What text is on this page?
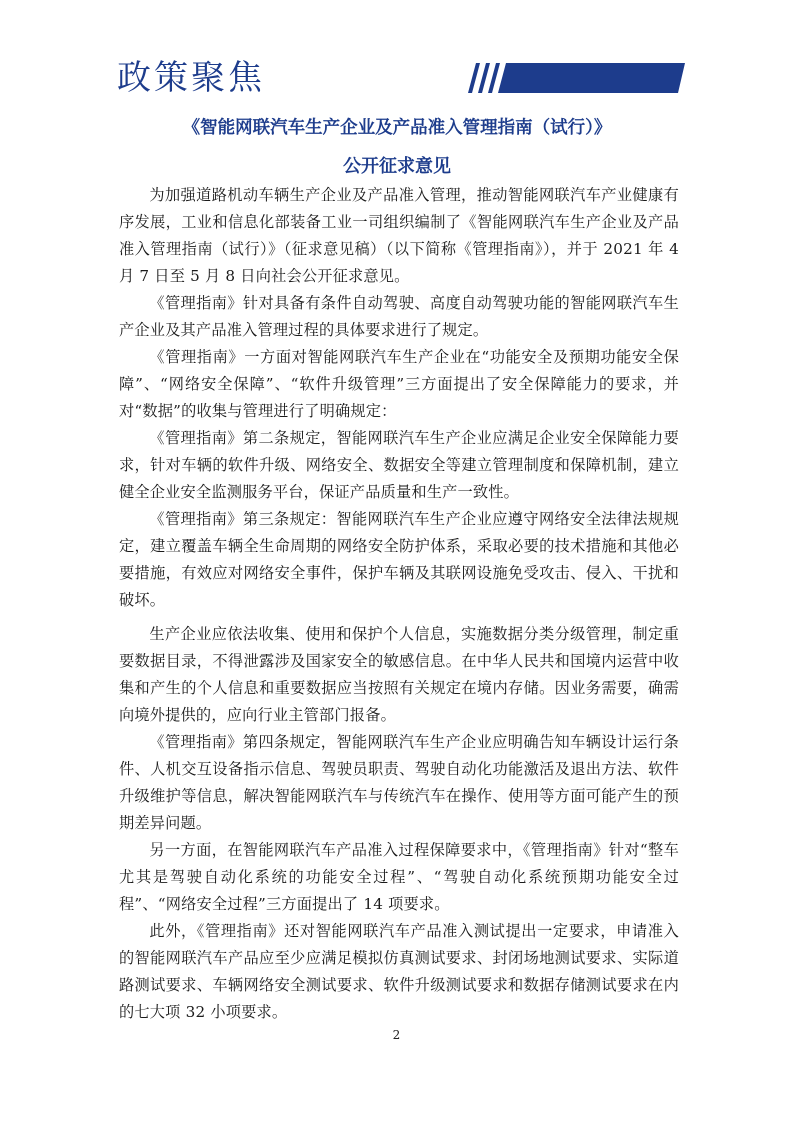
政策聚焦
《智能网联汽车生产企业及产品准入管理指南（试行）》
公开征求意见

为加强道路机动车辆生产企业及产品准入管理，推动智能网联汽车产业健康有序发展，工业和信息化部装备工业一司组织编制了《智能网联汽车生产企业及产品准入管理指南（试行）》（征求意见稿）（以下简称《管理指南》），并于 2021 年 4 月 7 日至 5 月 8 日向社会公开征求意见。

《管理指南》针对具备有条件自动驾驶、高度自动驾驶功能的智能网联汽车生产企业及其产品准入管理过程的具体要求进行了规定。

《管理指南》一方面对智能网联汽车生产企业在“功能安全及预期功能安全保障”、“网络安全保障”、“软件升级管理”三方面提出了安全保障能力的要求，并对“数据”的收集与管理进行了明确规定：

《管理指南》第二条规定，智能网联汽车生产企业应满足企业安全保障能力要求，针对车辆的软件升级、网络安全、数据安全等建立管理制度和保障机制，建立健全企业安全监测服务平台，保证产品质量和生产一致性。

《管理指南》第三条规定：智能网联汽车生产企业应遵守网络安全法律法规规定，建立覆盖车辆全生命周期的网络安全防护体系，采取必要的技术措施和其他必要措施，有效应对网络安全事件，保护车辆及其联网设施免受攻击、侵入、干扰和破坏。

生产企业应依法收集、使用和保护个人信息，实施数据分类分级管理，制定重要数据目录，不得泄露涉及国家安全的敏感信息。在中华人民共和国境内运营中收集和产生的个人信息和重要数据应当按照有关规定在境内存储。因业务需要，确需向境外提供的，应向行业主管部门报备。

《管理指南》第四条规定，智能网联汽车生产企业应明确告知车辆设计运行条件、人机交互设备指示信息、驾驶员职责、驾驶自动化功能激活及退出方法、软件升级维护等信息，解决智能网联汽车与传统汽车在操作、使用等方面可能产生的预期差异问题。

另一方面，在智能网联汽车产品准入过程保障要求中，《管理指南》针对“整车尤其是驾驶自动化系统的功能安全过程”、“驾驶自动化系统预期功能安全过程”、“网络安全过程”三方面提出了 14 项要求。

此外，《管理指南》还对智能网联汽车产品准入测试提出一定要求，申请准入的智能网联汽车产品应至少应满足模拟仿真测试要求、封闭场地测试要求、实际道路测试要求、车辆网络安全测试要求、软件升级测试要求和数据存储测试要求在内的七大项 32 小项要求。

2
